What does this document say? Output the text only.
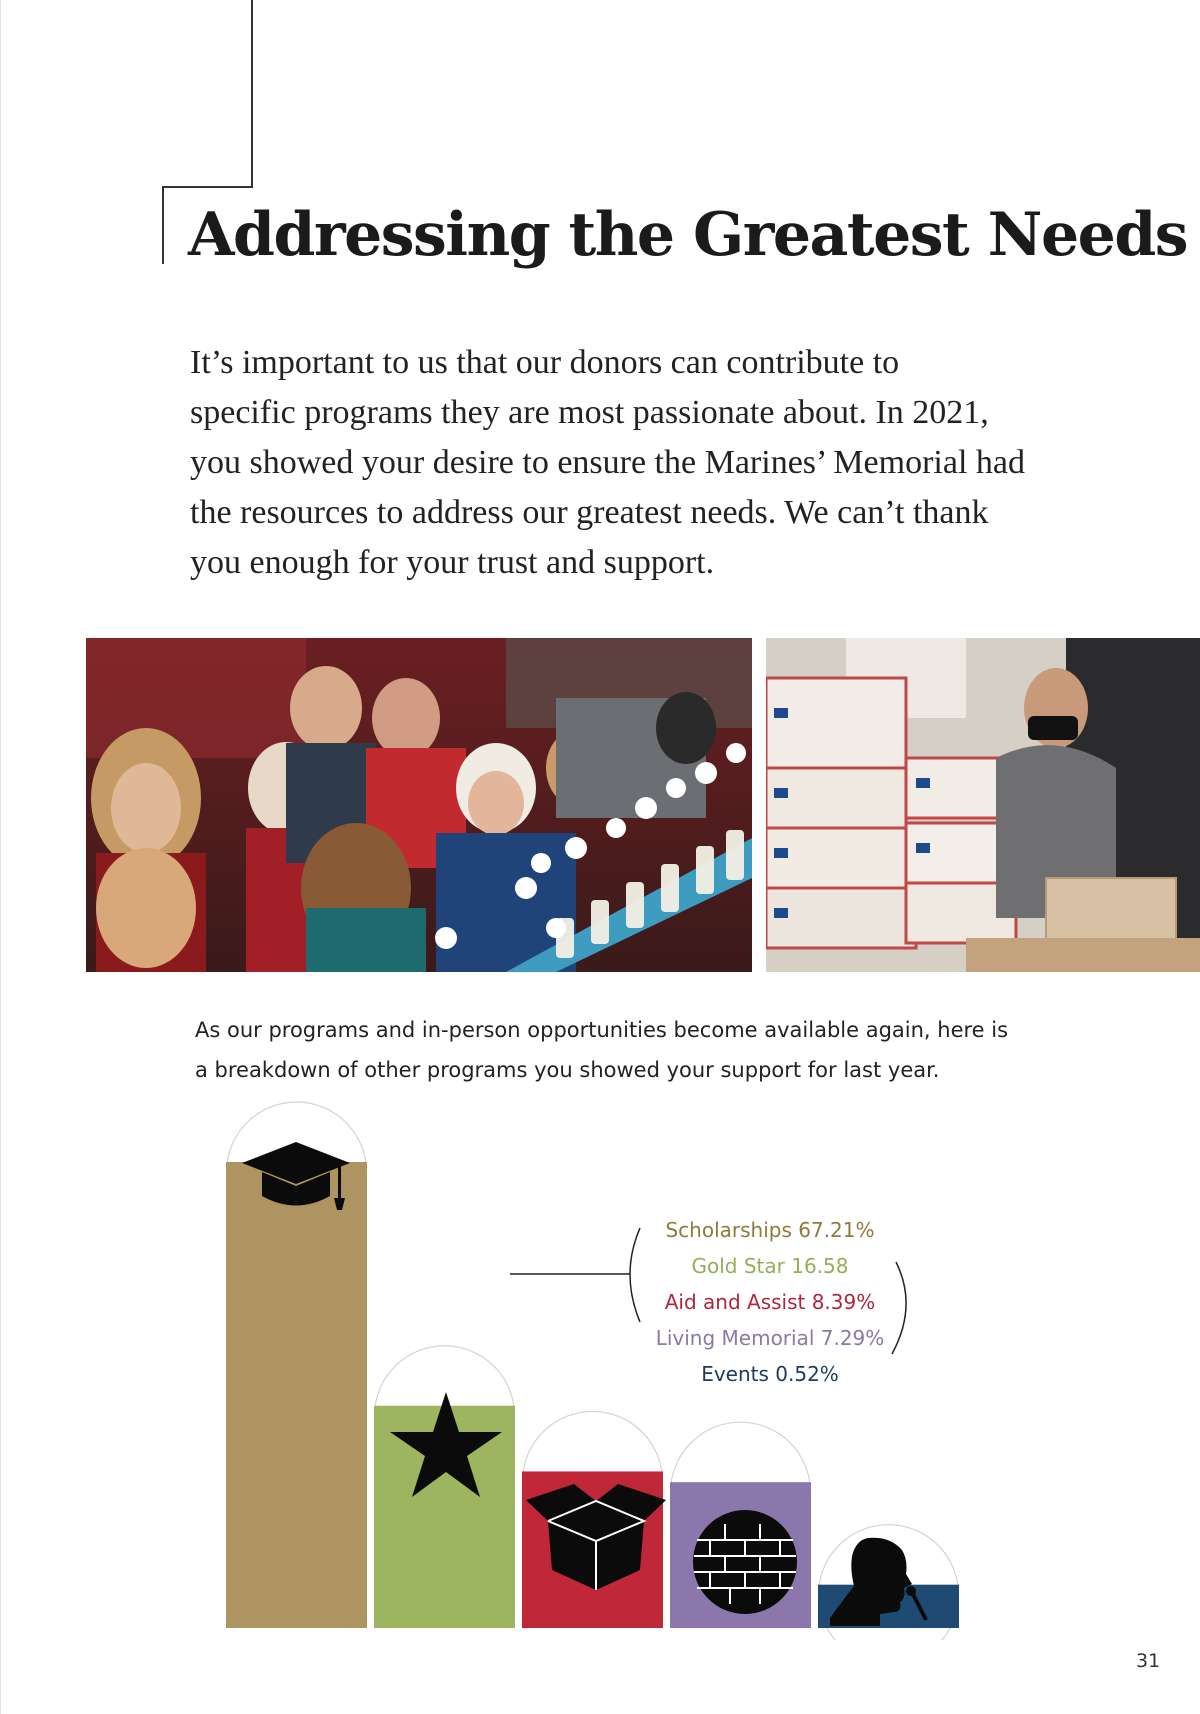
Addressing the Greatest Needs

It’s important to us that our donors can contribute to
specific programs they are most passionate about. In 2021,
you showed your desire to ensure the Marines’ Memorial had
the resources to address our greatest needs. We can’t thank
you enough for your trust and support.

As our programs and in-person opportunities become available again, here is
a breakdown of other programs you showed your support for last year.

Scholarships 67.21%
Gold Star 16.58
Aid and Assist 8.39%
Living Memorial 7.29%
Events 0.52%
31
